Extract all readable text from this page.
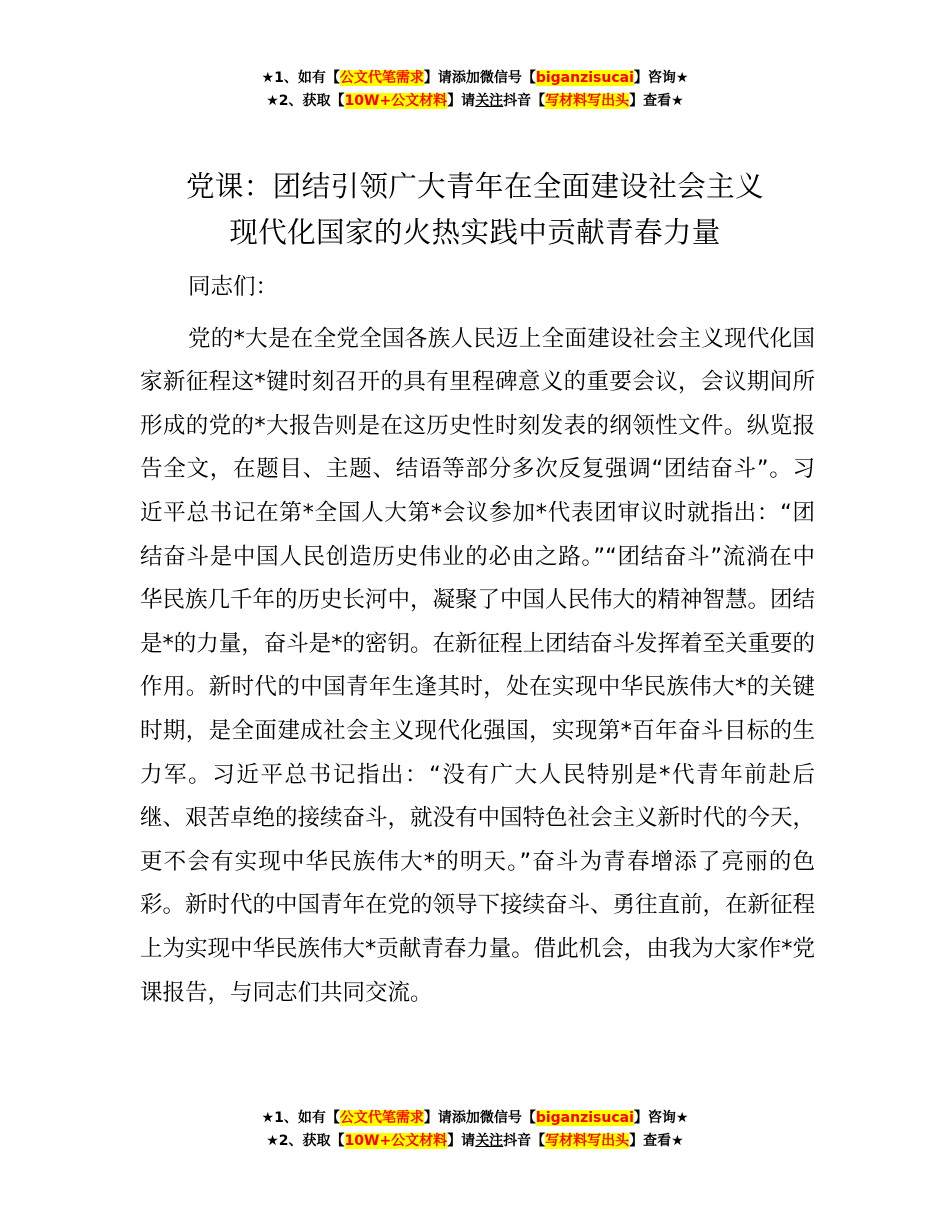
★1、如有【公文代笔需求】请添加微信号【biganzisucai】咨询★
★2、获取【10W+公文材料】请关注抖音【写材料写出头】查看★
党课：团结引领广大青年在全面建设社会主义
现代化国家的火热实践中贡献青春力量

同志们：

党的*大是在全党全国各族人民迈上全面建设社会主义现代化国家新征程这*键时刻召开的具有里程碑意义的重要会议，会议期间所形成的党的*大报告则是在这历史性时刻发表的纲领性文件。纵览报告全文，在题目、主题、结语等部分多次反复强调“团结奋斗”。习近平总书记在第*全国人大第*会议参加*代表团审议时就指出：“团结奋斗是中国人民创造历史伟业的必由之路。”“团结奋斗”流淌在中华民族几千年的历史长河中，凝聚了中国人民伟大的精神智慧。团结是*的力量，奋斗是*的密钥。在新征程上团结奋斗发挥着至关重要的作用。新时代的中国青年生逢其时，处在实现中华民族伟大*的关键时期，是全面建成社会主义现代化强国，实现第*百年奋斗目标的生力军。习近平总书记指出：“没有广大人民特别是*代青年前赴后继、艰苦卓绝的接续奋斗，就没有中国特色社会主义新时代的今天，更不会有实现中华民族伟大*的明天。”奋斗为青春增添了亮丽的色彩。新时代的中国青年在党的领导下接续奋斗、勇往直前，在新征程上为实现中华民族伟大*贡献青春力量。借此机会，由我为大家作*党课报告，与同志们共同交流。

★1、如有【公文代笔需求】请添加微信号【biganzisucai】咨询★
★2、获取【10W+公文材料】请关注抖音【写材料写出头】查看★
